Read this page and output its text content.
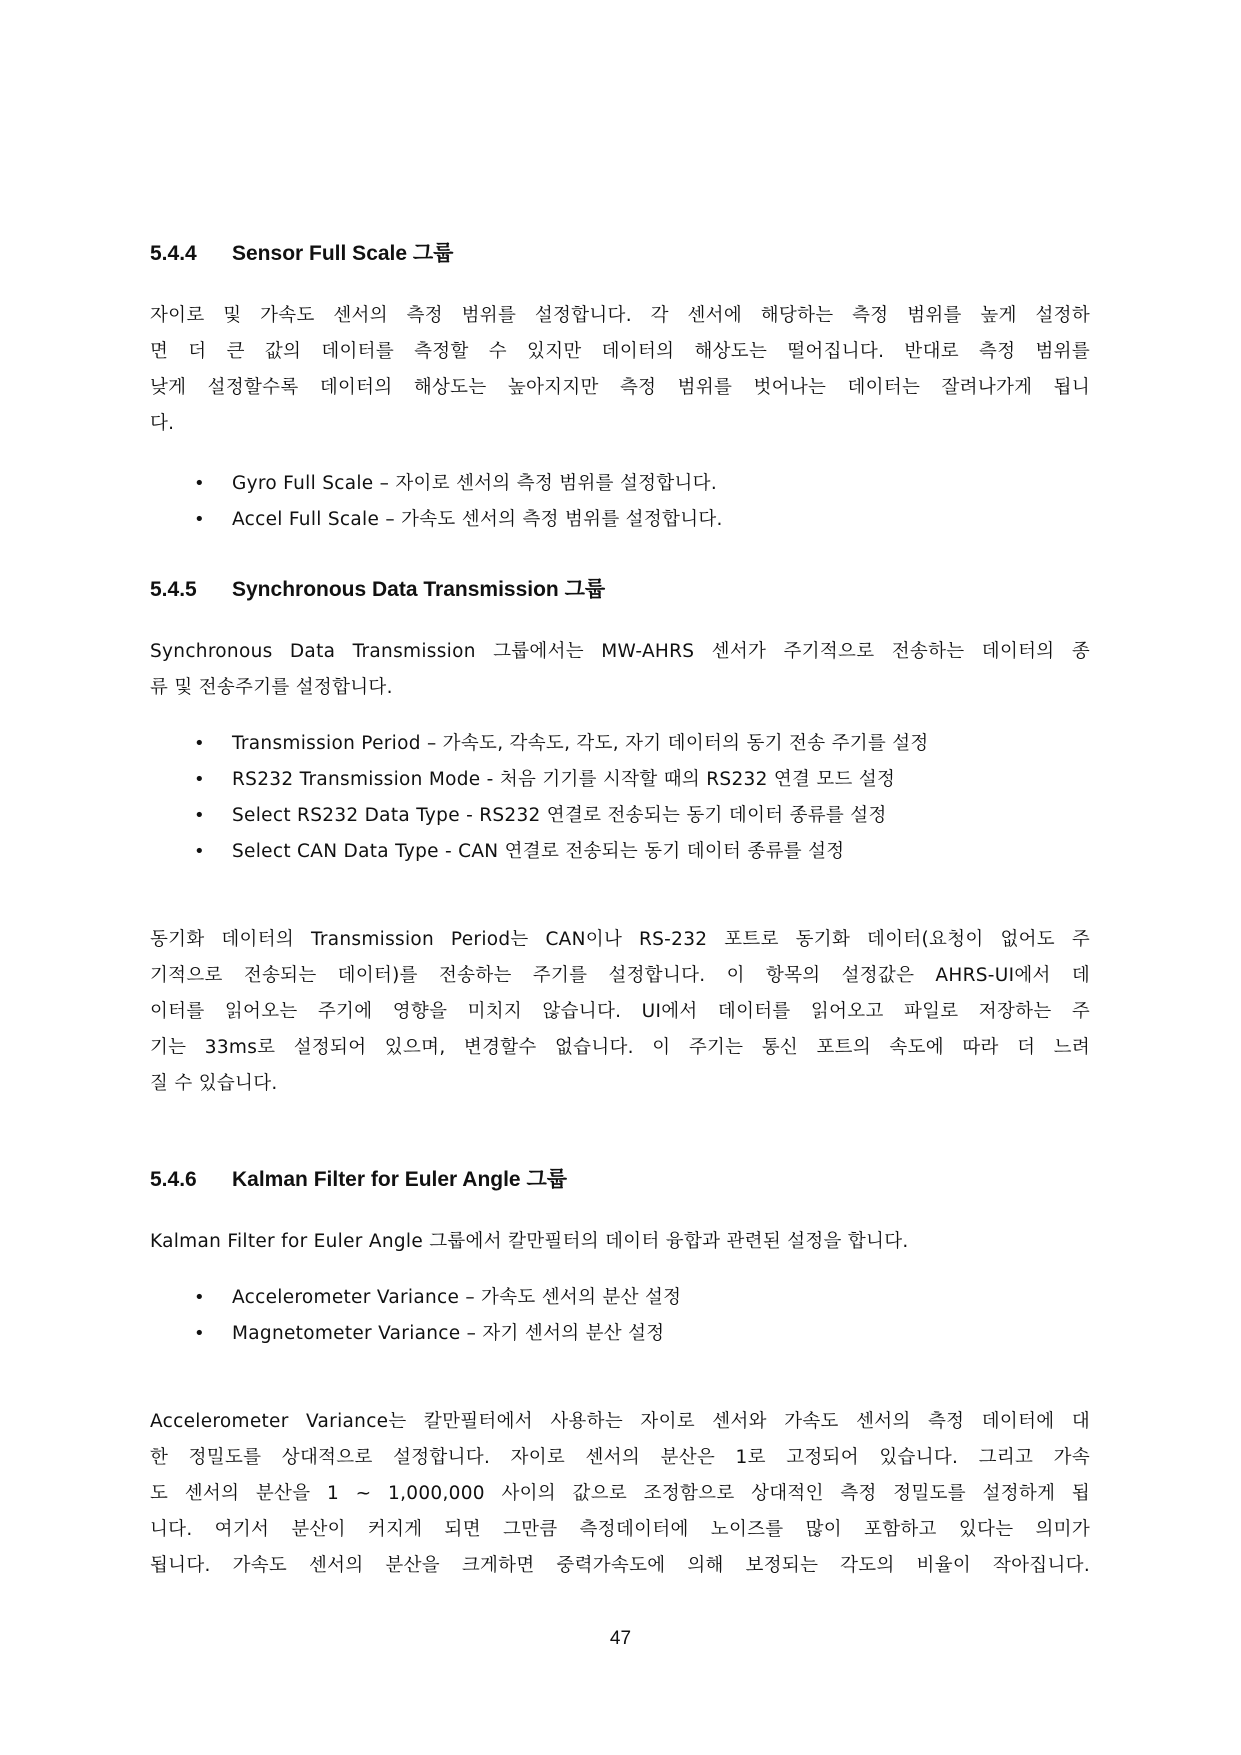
5.4.4 Sensor Full Scale 그룹
자이로 및 가속도 센서의 측정 범위를 설정합니다. 각 센서에 해당하는 측정 범위를 높게 설정하
면 더 큰 값의 데이터를 측정할 수 있지만 데이터의 해상도는 떨어집니다. 반대로 측정 범위를
낮게 설정할수록 데이터의 해상도는 높아지지만 측정 범위를 벗어나는 데이터는 잘려나가게 됩니
다.
• Gyro Full Scale – 자이로 센서의 측정 범위를 설정합니다.
• Accel Full Scale – 가속도 센서의 측정 범위를 설정합니다.
5.4.5 Synchronous Data Transmission 그룹
Synchronous Data Transmission 그룹에서는 MW-AHRS 센서가 주기적으로 전송하는 데이터의 종
류 및 전송주기를 설정합니다.
• Transmission Period – 가속도, 각속도, 각도, 자기 데이터의 동기 전송 주기를 설정
• RS232 Transmission Mode - 처음 기기를 시작할 때의 RS232 연결 모드 설정
• Select RS232 Data Type - RS232 연결로 전송되는 동기 데이터 종류를 설정
• Select CAN Data Type - CAN 연결로 전송되는 동기 데이터 종류를 설정
동기화 데이터의 Transmission Period는 CAN이나 RS-232 포트로 동기화 데이터(요청이 없어도 주
기적으로 전송되는 데이터)를 전송하는 주기를 설정합니다. 이 항목의 설정값은 AHRS-UI에서 데
이터를 읽어오는 주기에 영향을 미치지 않습니다. UI에서 데이터를 읽어오고 파일로 저장하는 주
기는 33ms로 설정되어 있으며, 변경할수 없습니다. 이 주기는 통신 포트의 속도에 따라 더 느려
질 수 있습니다.
5.4.6 Kalman Filter for Euler Angle 그룹
Kalman Filter for Euler Angle 그룹에서 칼만필터의 데이터 융합과 관련된 설정을 합니다.
• Accelerometer Variance – 가속도 센서의 분산 설정
• Magnetometer Variance – 자기 센서의 분산 설정
Accelerometer Variance는 칼만필터에서 사용하는 자이로 센서와 가속도 센서의 측정 데이터에 대
한 정밀도를 상대적으로 설정합니다. 자이로 센서의 분산은 1로 고정되어 있습니다. 그리고 가속
도 센서의 분산을 1 ~ 1,000,000 사이의 값으로 조정함으로 상대적인 측정 정밀도를 설정하게 됩
니다. 여기서 분산이 커지게 되면 그만큼 측정데이터에 노이즈를 많이 포함하고 있다는 의미가
됩니다. 가속도 센서의 분산을 크게하면 중력가속도에 의해 보정되는 각도의 비율이 작아집니다.
47
